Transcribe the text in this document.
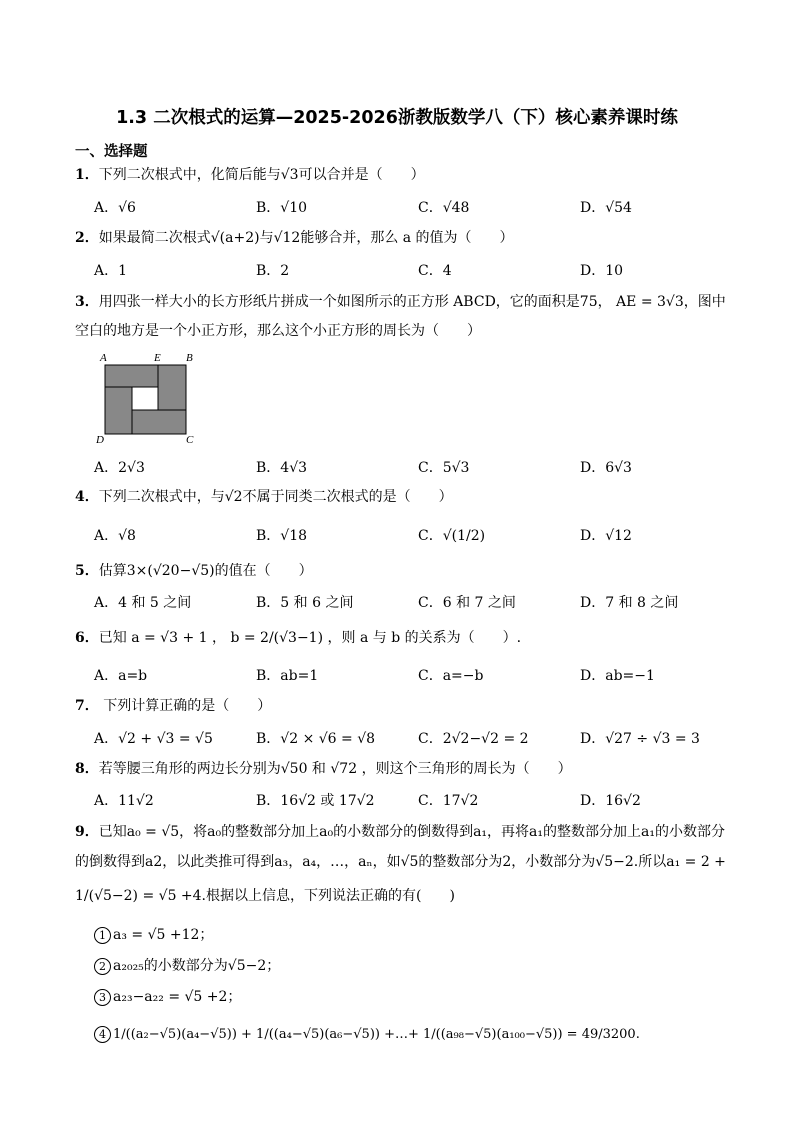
1.3 二次根式的运算—2025-2026浙教版数学八（下）核心素养课时练
一、选择题
1．下列二次根式中，化简后能与√3可以合并是（　　）
A．√6	B．√10	C．√48	D．√54
2．如果最简二次根式√(a+2)与√12能够合并，那么 a 的值为（　　）
A．1	B．2	C．4	D．10
3．用四张一样大小的长方形纸片拼成一个如图所示的正方形 ABCD，它的面积是75， AE = 3√3，图中
空白的地方是一个小正方形，那么这个小正方形的周长为（　　）
A	E B
D	C
A．2√3	B．4√3	C．5√3	D．6√3
4．下列二次根式中，与√2不属于同类二次根式的是（　　）
A．√8	B．√18	C．√(1/2)	D．√12
5．估算3×(√20−√5)的值在（　　）
A．4 和 5 之间	B．5 和 6 之间	C．6 和 7 之间	D．7 和 8 之间
6．已知 a = √3 + 1 ， b = 2/(√3−1) ，则 a 与 b 的关系为（　　）.
A．a=b	B．ab=1	C．a=−b	D．ab=−1
7． 下列计算正确的是（　　）
A．√2 + √3 = √5	B．√2 × √6 = √8	C．2√2−√2 = 2	D．√27 ÷ √3 = 3
8．若等腰三角形的两边长分别为√50 和 √72 ，则这个三角形的周长为（　　）
A．11√2	B．16√2 或 17√2	C．17√2	D．16√2
9．已知a₀ = √5，将a₀的整数部分加上a₀的小数部分的倒数得到a₁，再将a₁的整数部分加上a₁的小数部分
的倒数得到a2，以此类推可得到a₃，a₄，…，aₙ，如√5的整数部分为2，小数部分为√5−2.所以a₁ = 2 +
1/(√5−2) = √5 +4.根据以上信息，下列说法正确的有(　　)
1 a₃ = √5 +12；
2 a₂₀₂₅的小数部分为√5−2；
3 a₂₃−a₂₂ = √5 +2；
4 1/((a₂−√5)(a₄−√5)) + 1/((a₄−√5)(a₆−√5)) +…+ 1/((a₉₈−√5)(a₁₀₀−√5)) = 49/3200.
